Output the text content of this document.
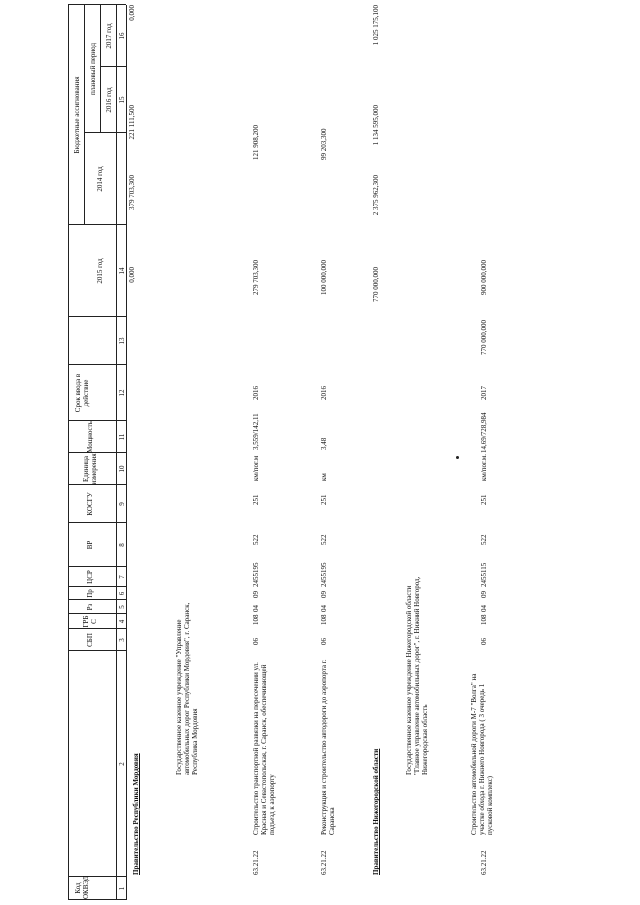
Код ОКВЭД
СБП
ГРБ С
Рз
Пр
ЦСР
ВР
КОСГУ
Единица измерения
Мощность
Срок ввода в действие
Бюджетные ассигнования
2014 год
плановый период
2016 год
2017 год
2015 год
1
2
3
4
5
6
7
8
9
10
11
12
13
14
15
16
Правительство Республики Мордовия
0,000
379 703,300
221 111,500
0,000
Государственное казенное учреждение "Управление автомобильных дорог Республики Мордовия", г. Саранск, Республика Мордовия
63.21.22
Строительство транспортной развязки на пересечении ул. Красная и Севастопольская, г. Саранск, обеспечивающей подъезд к аэропорту
06
108
04
09
2455195
522
251
км/пог.м
3,559/142,11
2016
279 703,300
121 908,200
63.21.22
Реконструкция и строительство автодороги до аэропорта г. Саранска
06
108
04
09
2455195
522
251
км
3,48
2016
100 000,000
99 203,300
Правительство Нижегородской области
770 000,000
2 375 962,300
1 134 595,000
1 025 175,100
Государственное казенное учреждение Нижегородской области "Главное управление автомобильных дорог", г. Нижний Новгород, Нижегородская область
63.21.22
Строительство автомобильной дороги М-7 "Волга" на участке обхода г. Нижнего Новгорода ( 3 очередь 1 пусковой комплекс)
06
108
04
09
2455115
522
251
км/пог.м.
14,69/728,984
2017
770 000,000
900 000,000
